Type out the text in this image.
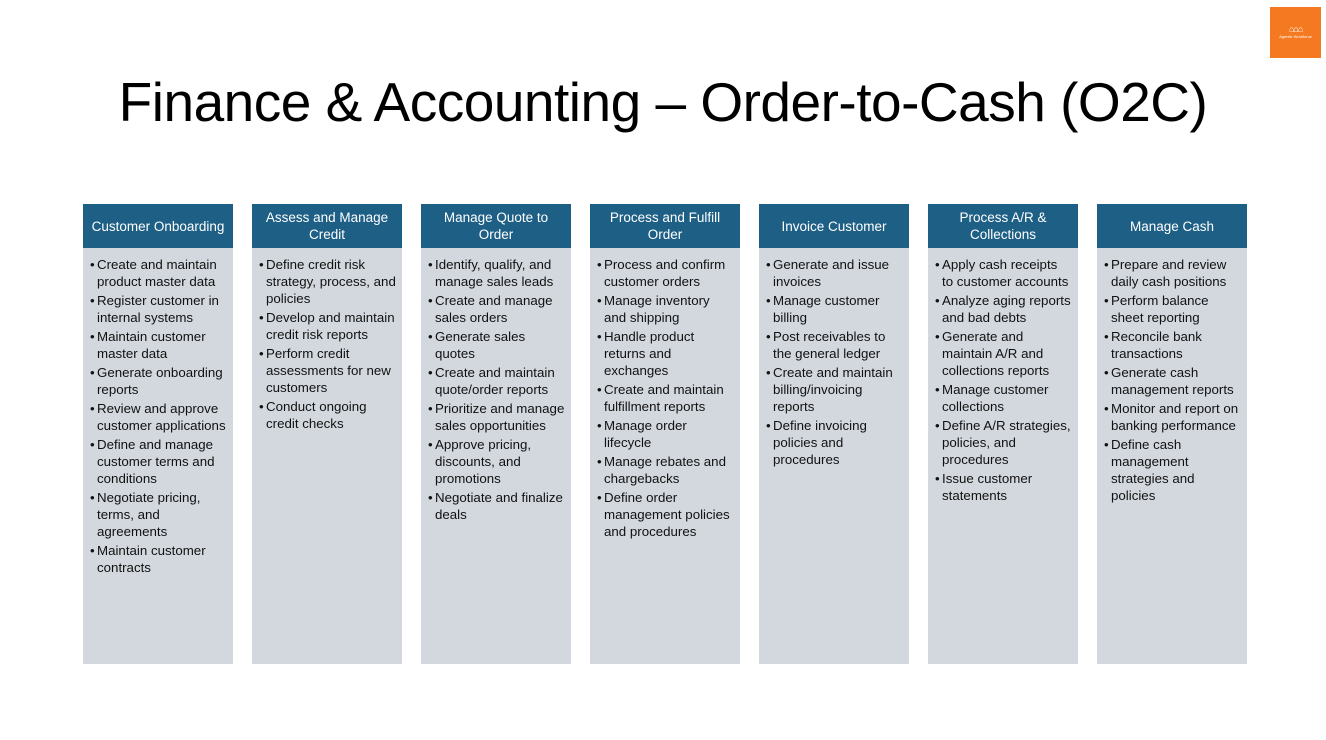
⌂⌂⌂
Agentic Workforce
Finance & Accounting – Order-to-Cash (O2C)
Customer Onboarding
• Create and maintain product master data
• Register customer in internal systems
• Maintain customer master data
• Generate onboarding reports
• Review and approve customer applications
• Define and manage customer terms and conditions
• Negotiate pricing, terms, and agreements
• Maintain customer contracts
Assess and Manage Credit
• Define credit risk strategy, process, and policies
• Develop and maintain credit risk reports
• Perform credit assessments for new customers
• Conduct ongoing credit checks
Manage Quote to Order
• Identify, qualify, and manage sales leads
• Create and manage sales orders
• Generate sales quotes
• Create and maintain quote/order reports
• Prioritize and manage sales opportunities
• Approve pricing, discounts, and promotions
• Negotiate and finalize deals
Process and Fulfill Order
• Process and confirm customer orders
• Manage inventory and shipping
• Handle product returns and exchanges
• Create and maintain fulfillment reports
• Manage order lifecycle
• Manage rebates and chargebacks
• Define order management policies and procedures
Invoice Customer
• Generate and issue invoices
• Manage customer billing
• Post receivables to the general ledger
• Create and maintain billing/invoicing reports
• Define invoicing policies and procedures
Process A/R & Collections
• Apply cash receipts to customer accounts
• Analyze aging reports and bad debts
• Generate and maintain A/R and collections reports
• Manage customer collections
• Define A/R strategies, policies, and procedures
• Issue customer statements
Manage Cash
• Prepare and review daily cash positions
• Perform balance sheet reporting
• Reconcile bank transactions
• Generate cash management reports
• Monitor and report on banking performance
• Define cash management strategies and policies
